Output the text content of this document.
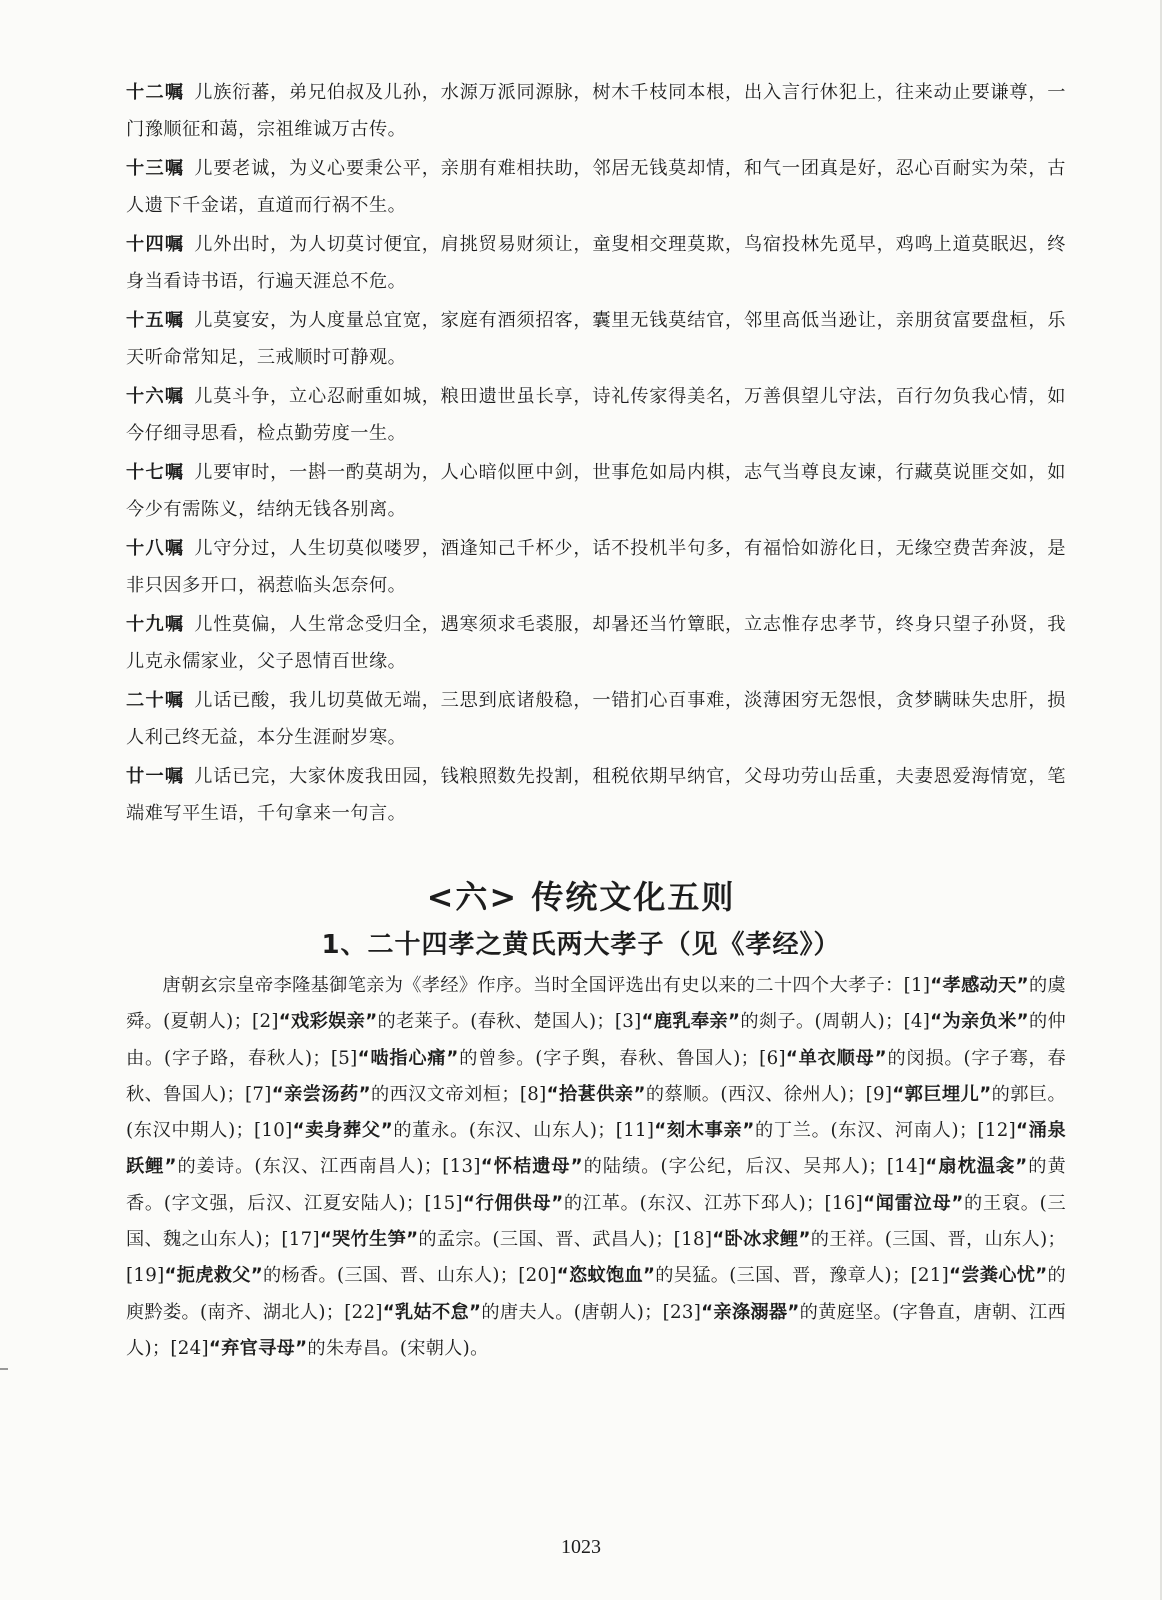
十二嘱  儿族衍蕃，弟兄伯叔及儿孙，水源万派同源脉，树木千枝同本根，出入言行休犯上，往来动止要谦尊，一门豫顺征和蔼，宗祖维诚万古传。

十三嘱  儿要老诚，为义心要秉公平，亲朋有难相扶助，邻居无钱莫却情，和气一团真是好，忍心百耐实为荣，古人遗下千金诺，直道而行祸不生。

十四嘱  儿外出时，为人切莫讨便宜，肩挑贸易财须让，童叟相交理莫欺，鸟宿投林先觅早，鸡鸣上道莫眠迟，终身当看诗书语，行遍天涯总不危。

十五嘱  儿莫宴安，为人度量总宜宽，家庭有酒须招客，囊里无钱莫结官，邻里高低当逊让，亲朋贫富要盘桓，乐天听命常知足，三戒顺时可静观。

十六嘱  儿莫斗争，立心忍耐重如城，粮田遗世虽长享，诗礼传家得美名，万善俱望儿守法，百行勿负我心情，如今仔细寻思看，检点勤劳度一生。

十七嘱  儿要审时，一斟一酌莫胡为，人心暗似匣中剑，世事危如局内棋，志气当尊良友谏，行藏莫说匪交如，如今少有需陈义，结纳无钱各别离。

十八嘱  儿守分过，人生切莫似喽罗，酒逢知己千杯少，话不投机半句多，有福恰如游化日，无缘空费苦奔波，是非只因多开口，祸惹临头怎奈何。

十九嘱  儿性莫偏，人生常念受归全，遇寒须求毛裘服，却暑还当竹簟眠，立志惟存忠孝节，终身只望子孙贤，我儿克永儒家业，父子恩情百世缘。

二十嘱  儿话已酸，我儿切莫做无端，三思到底诸般稳，一错扪心百事难，淡薄困穷无怨恨，贪梦瞒昧失忠肝，损人利己终无益，本分生涯耐岁寒。

廿一嘱  儿话已完，大家休废我田园，钱粮照数先投割，租税依期早纳官，父母功劳山岳重，夫妻恩爱海情宽，笔端难写平生语，千句拿来一句言。

<六> 传统文化五则
1、二十四孝之黄氏两大孝子（见《孝经》）

唐朝玄宗皇帝李隆基御笔亲为《孝经》作序。当时全国评选出有史以来的二十四个大孝子：[1]“孝感动天”的虞舜。(夏朝人)；[2]“戏彩娱亲”的老莱子。(春秋、楚国人)；[3]“鹿乳奉亲”的剡子。(周朝人)；[4]“为亲负米”的仲由。(字子路，春秋人)；[5]“啮指心痛”的曾参。(字子舆，春秋、鲁国人)；[6]“单衣顺母”的闵损。(字子骞，春秋、鲁国人)；[7]“亲尝汤药”的西汉文帝刘桓；[8]“拾葚供亲”的蔡顺。(西汉、徐州人)；[9]“郭巨埋儿”的郭巨。(东汉中期人)；[10]“卖身葬父”的董永。(东汉、山东人)；[11]“刻木事亲”的丁兰。(东汉、河南人)；[12]“涌泉跃鲤”的姜诗。(东汉、江西南昌人)；[13]“怀桔遗母”的陆绩。(字公纪，后汉、吴邦人)；[14]“扇枕温衾”的黄香。(字文强，后汉、江夏安陆人)；[15]“行佣供母”的江革。(东汉、江苏下邳人)；[16]“闻雷泣母”的王裒。(三国、魏之山东人)；[17]“哭竹生笋”的孟宗。(三国、晋、武昌人)；[18]“卧冰求鲤”的王祥。(三国、晋，山东人)；[19]“扼虎救父”的杨香。(三国、晋、山东人)；[20]“恣蚊饱血”的吴猛。(三国、晋，豫章人)；[21]“尝粪心忧”的庾黔娄。(南齐、湖北人)；[22]“乳姑不怠”的唐夫人。(唐朝人)；[23]“亲涤溺器”的黄庭坚。(字鲁直，唐朝、江西人)；[24]“弃官寻母”的朱寿昌。(宋朝人)。

1023
